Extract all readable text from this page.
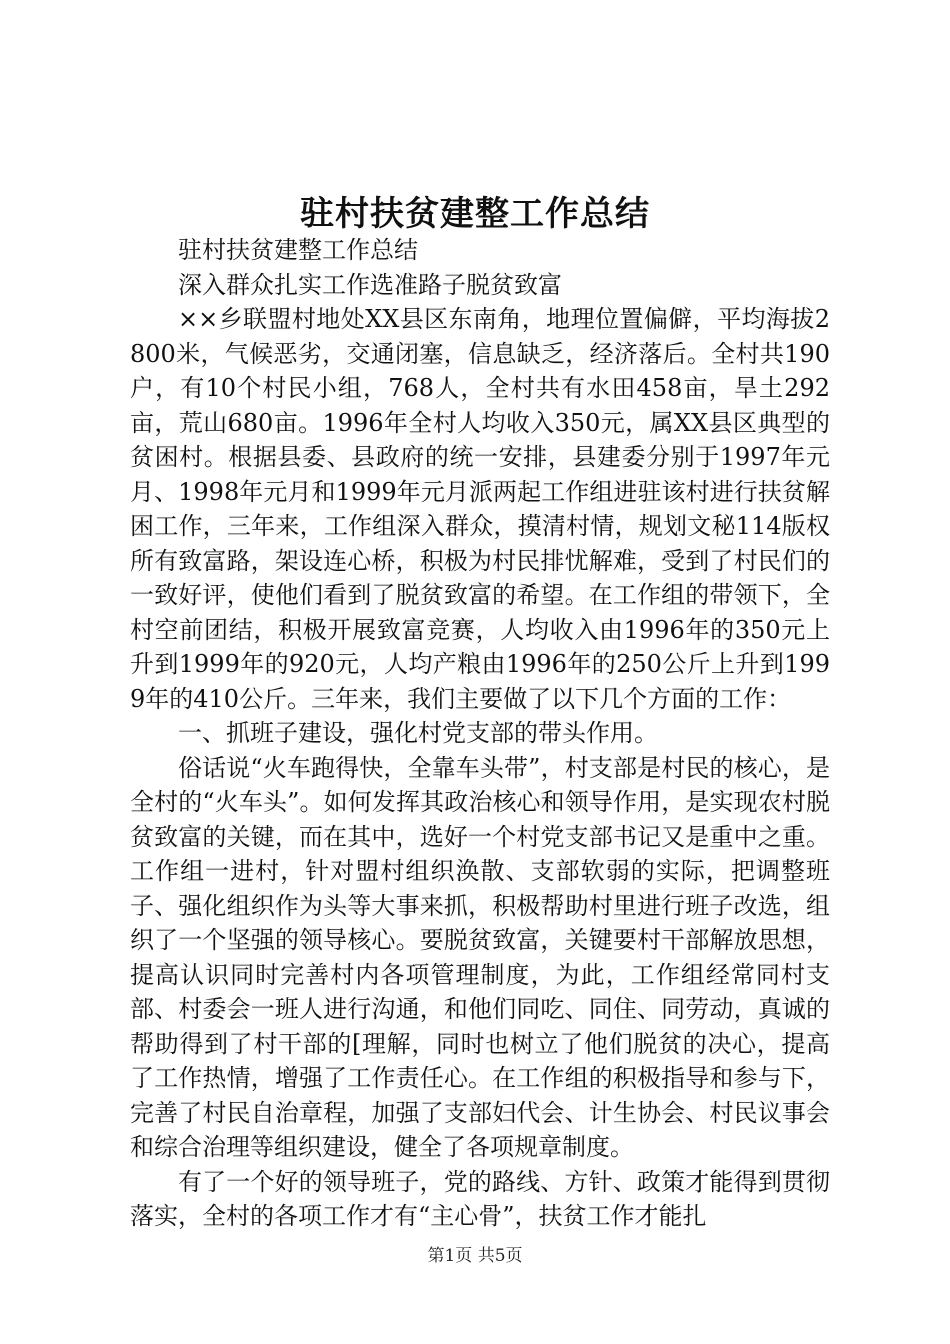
驻村扶贫建整工作总结

驻村扶贫建整工作总结

深入群众扎实工作选准路子脱贫致富

××乡联盟村地处XX县区东南角，地理位置偏僻，平均海拔2800米，气候恶劣，交通闭塞，信息缺乏，经济落后。全村共190户，有10个村民小组，768人，全村共有水田458亩，旱土292亩，荒山680亩。1996年全村人均收入350元，属XX县区典型的贫困村。根据县委、县政府的统一安排，县建委分别于1997年元月、1998年元月和1999年元月派两起工作组进驻该村进行扶贫解困工作，三年来，工作组深入群众，摸清村情，规划文秘114版权所有致富路，架设连心桥，积极为村民排忧解难，受到了村民们的一致好评，使他们看到了脱贫致富的希望。在工作组的带领下，全村空前团结，积极开展致富竞赛，人均收入由1996年的350元上升到1999年的920元，人均产粮由1996年的250公斤上升到1999年的410公斤。三年来，我们主要做了以下几个方面的工作：

一、抓班子建设，强化村党支部的带头作用。

俗话说“火车跑得快，全靠车头带”，村支部是村民的核心，是全村的“火车头”。如何发挥其政治核心和领导作用，是实现农村脱贫致富的关键，而在其中，选好一个村党支部书记又是重中之重。工作组一进村，针对盟村组织涣散、支部软弱的实际，把调整班子、强化组织作为头等大事来抓，积极帮助村里进行班子改选，组织了一个坚强的领导核心。要脱贫致富，关键要村干部解放思想，提高认识同时完善村内各项管理制度，为此，工作组经常同村支部、村委会一班人进行沟通，和他们同吃、同住、同劳动，真诚的帮助得到了村干部的[理解，同时也树立了他们脱贫的决心，提高了工作热情，增强了工作责任心。在工作组的积极指导和参与下，完善了村民自治章程，加强了支部妇代会、计生协会、村民议事会和综合治理等组织建设，健全了各项规章制度。

有了一个好的领导班子，党的路线、方针、政策才能得到贯彻落实，全村的各项工作才有“主心骨”，扶贫工作才能扎

第1页 共5页
